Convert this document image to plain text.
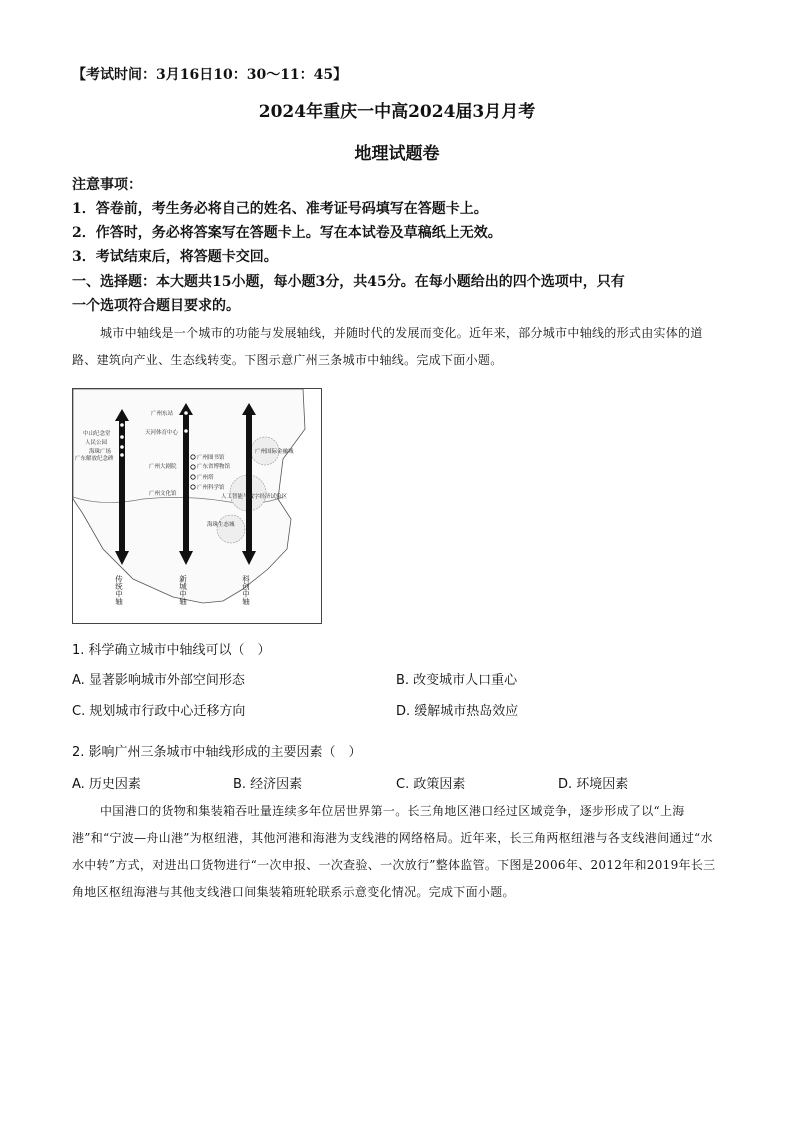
【考试时间：3月16日10：30～11：45】
2024年重庆一中高2024届3月月考
地理试题卷
注意事项：
1．答卷前，考生务必将自己的姓名、准考证号码填写在答题卡上。
2．作答时，务必将答案写在答题卡上。写在本试卷及草稿纸上无效。
3．考试结束后，将答题卡交回。
一、选择题：本大题共15小题，每小题3分，共45分。在每小题给出的四个选项中，只有
一个选项符合题目要求的。
城市中轴线是一个城市的功能与发展轴线，并随时代的发展而变化。近年来，部分城市中轴线的形式由实体的道路、建筑向产业、生态线转变。下图示意广州三条城市中轴线。完成下面小题。
广州东站
天河体育中心
中山纪念堂
人民公园
海珠广场
广东解放纪念碑	广州图书馆
广东省博物馆
广州大剧院
广州塔
广州文化馆
广州科学馆
人工智能与数字经济试验区
广州国际金融城
海珠生态城
传统中轴	新城中轴	科创中轴
1. 科学确立城市中轴线可以（　）
A. 显著影响城市外部空间形态	B. 改变城市人口重心
C. 规划城市行政中心迁移方向	D. 缓解城市热岛效应
2. 影响广州三条城市中轴线形成的主要因素（　）
A. 历史因素	B. 经济因素	C. 政策因素	D. 环境因素
中国港口的货物和集装箱吞吐量连续多年位居世界第一。长三角地区港口经过区域竞争，逐步形成了以“上海港”和“宁波—舟山港”为枢纽港，其他河港和海港为支线港的网络格局。近年来，长三角两枢纽港与各支线港间通过“水水中转”方式，对进出口货物进行“一次申报、一次查验、一次放行”整体监管。下图是2006年、2012年和2019年长三角地区枢纽海港与其他支线港口间集装箱班轮联系示意变化情况。完成下面小题。
